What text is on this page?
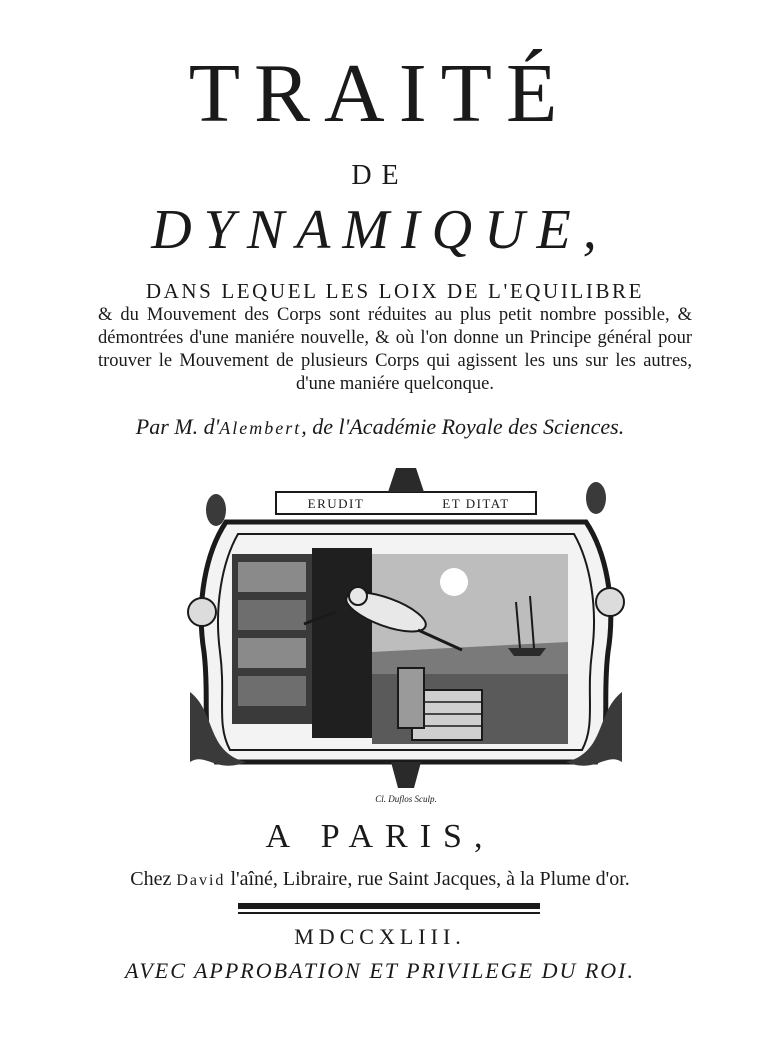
TRAITÉ
DE
DYNAMIQUE,
DANS LEQUEL LES LOIX DE L'EQUILIBRE
& du Mouvement des Corps sont réduites au plus petit nombre possible, & démontrées d'une maniére nouvelle, & où l'on donne un Principe général pour trouver le Mouvement de plusieurs Corps qui agissent les uns sur les autres, d'une maniére quelconque.
Par M. d'Alembert, de l'Académie Royale des Sciences.
ERUDIT	ET DITAT
Cl. Duflos Sculp.
A PARIS,
Chez David l'aîné, Libraire, rue Saint Jacques, à la Plume d'or.
MDCCXLIII.
AVEC APPROBATION ET PRIVILEGE DU ROI.
